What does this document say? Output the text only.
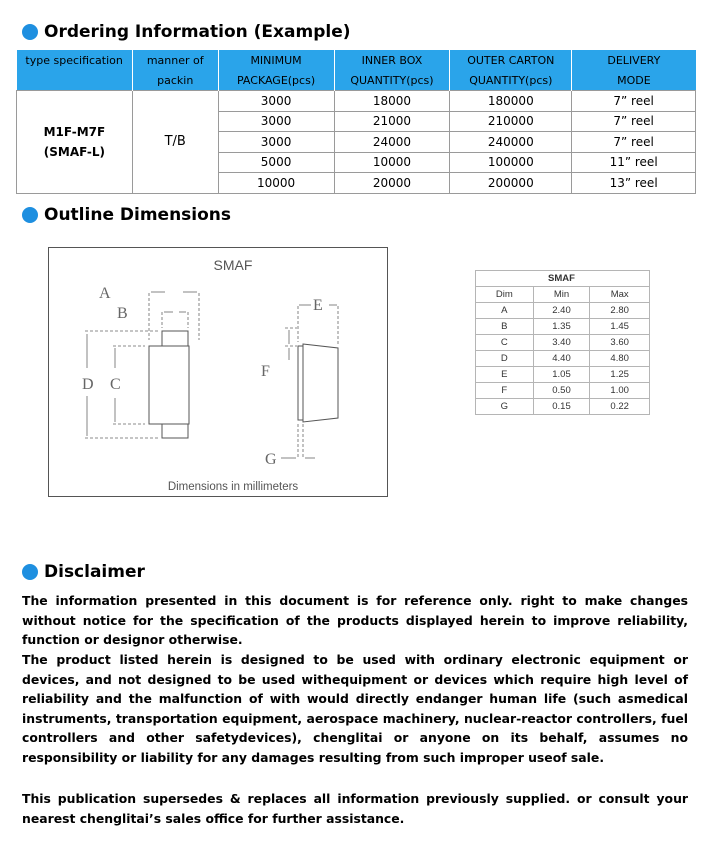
Ordering Information (Example)
type specification	manner of	MINIMUM	INNER BOX	OUTER CARTON	DELIVERY
	packin	PACKAGE(pcs)	QUANTITY(pcs)	QUANTITY(pcs)	MODE

M1F-M7F
(SMAF-L)	T/B	3000	18000	180000	7” reel
		3000	21000	210000	7” reel
		3000	24000	240000	7” reel
		5000	10000	100000	11” reel
		10000	20000	200000	13” reel
Outline Dimensions
SMAF
Dimensions in millimeters
A
B
D C
E
F
G
	SMAF	
Dim	Min	Max
A	2.40	2.80
B	1.35	1.45
C	3.40	3.60
D	4.40	4.80
E	1.05	1.25
F	0.50	1.00
G	0.15	0.22
Disclaimer
The information presented in this document is for reference only. right to make changes without notice for the specification of the products displayed herein to improve reliability, function or designor otherwise.
The product listed herein is designed to be used with ordinary electronic equipment or devices, and not designed to be used withequipment or devices which require high level of reliability and the malfunction of with would directly endanger human life (such asmedical instruments, transportation equipment, aerospace machinery, nuclear-reactor controllers, fuel controllers and other safetydevices), chenglitai or anyone on its behalf, assumes no responsibility or liability for any damages resulting from such improper useof sale.
This publication supersedes & replaces all information previously supplied. or consult your nearest chenglitai’s sales office for further assistance.
